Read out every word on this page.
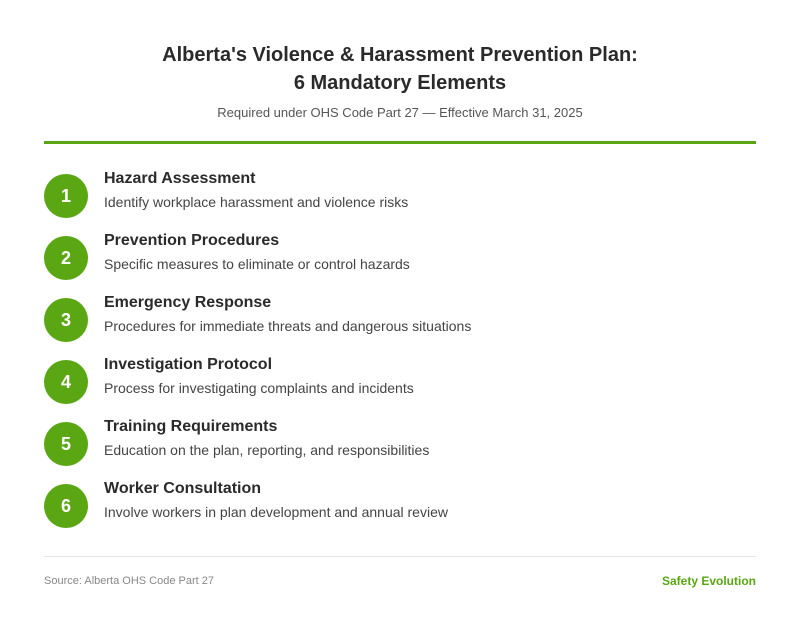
Alberta's Violence & Harassment Prevention Plan:
6 Mandatory Elements
Required under OHS Code Part 27 — Effective March 31, 2025
1
Hazard Assessment
Identify workplace harassment and violence risks
2
Prevention Procedures
Specific measures to eliminate or control hazards
3
Emergency Response
Procedures for immediate threats and dangerous situations
4
Investigation Protocol
Process for investigating complaints and incidents
5
Training Requirements
Education on the plan, reporting, and responsibilities
6
Worker Consultation
Involve workers in plan development and annual review
Source: Alberta OHS Code Part 27	Safety Evolution
